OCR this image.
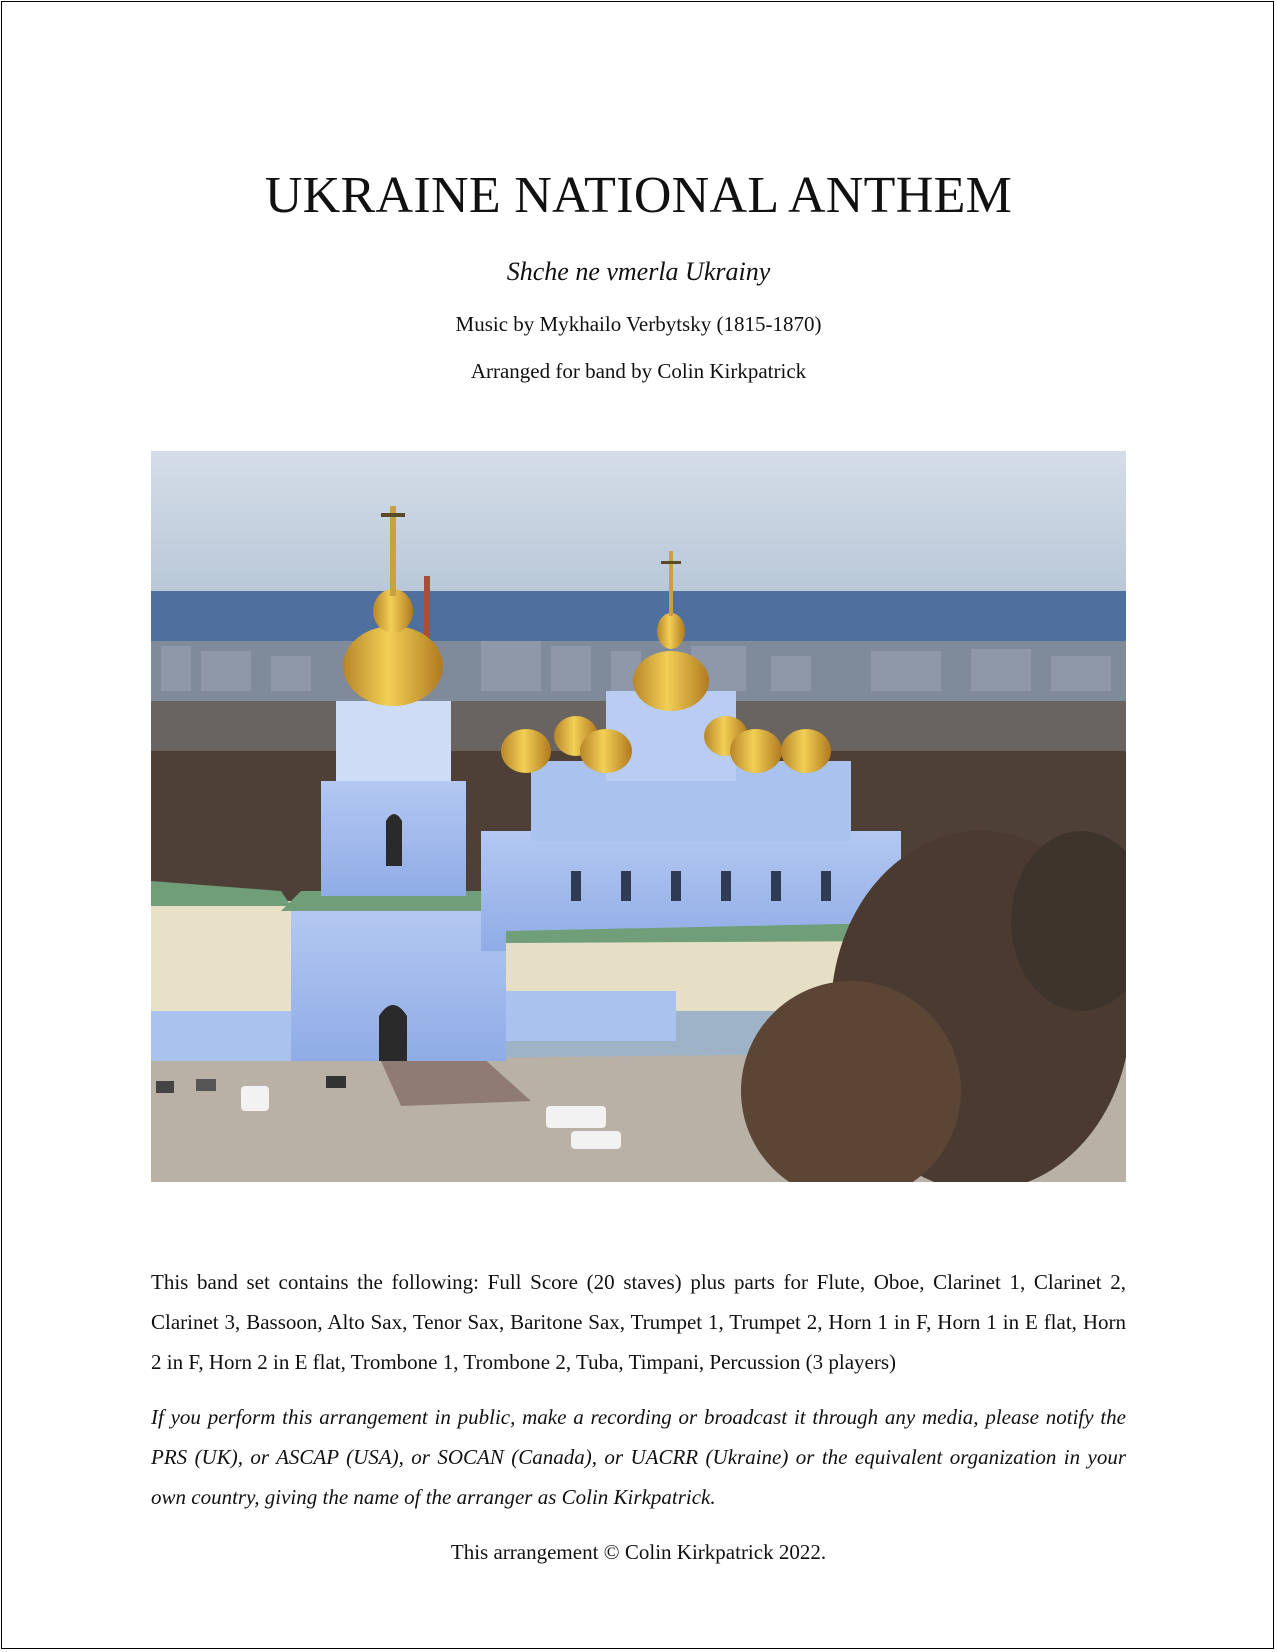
UKRAINE NATIONAL ANTHEM
Shche ne vmerla Ukrainy
Music by Mykhailo Verbytsky (1815-1870)
Arranged for band by Colin Kirkpatrick
This band set contains the following: Full Score (20 staves) plus parts for Flute, Oboe, Clarinet 1, Clarinet 2, Clarinet 3, Bassoon, Alto Sax, Tenor Sax, Baritone Sax, Trumpet 1, Trumpet 2, Horn 1 in F, Horn 1 in E flat, Horn 2 in F, Horn 2 in E flat, Trombone 1, Trombone 2, Tuba, Timpani, Percussion (3 players)
If you perform this arrangement in public, make a recording or broadcast it through any media, please notify the PRS (UK), or ASCAP (USA), or SOCAN (Canada), or UACRR (Ukraine) or the equivalent organization in your own country, giving the name of the arranger as Colin Kirkpatrick.
This arrangement © Colin Kirkpatrick 2022.
